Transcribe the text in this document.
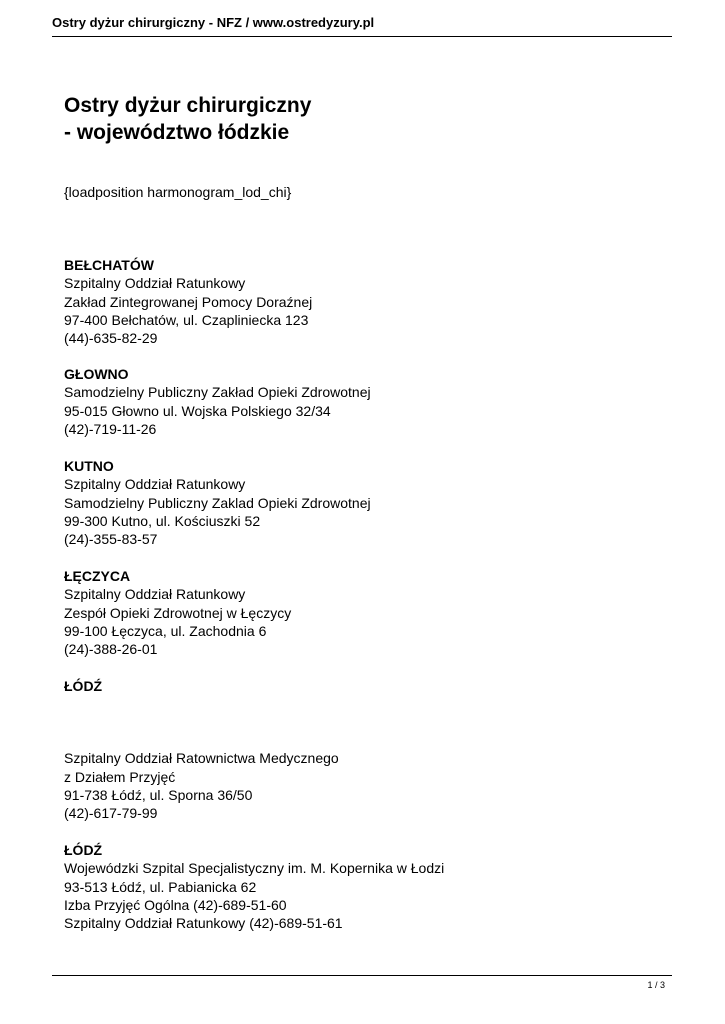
Ostry dyżur chirurgiczny - NFZ / www.ostredyzury.pl
Ostry dyżur chirurgiczny
- województwo łódzkie
{loadposition harmonogram_lod_chi}
BEŁCHATÓW
Szpitalny Oddział Ratunkowy
Zakład Zintegrowanej Pomocy Doraźnej
97-400 Bełchatów, ul. Czapliniecka 123
(44)-635-82-29
GŁOWNO
Samodzielny Publiczny Zakład Opieki Zdrowotnej
95-015 Głowno ul. Wojska Polskiego 32/34
(42)-719-11-26
KUTNO
Szpitalny Oddział Ratunkowy
Samodzielny Publiczny Zaklad Opieki Zdrowotnej
99-300 Kutno, ul. Kościuszki 52
(24)-355-83-57
ŁĘCZYCA
Szpitalny Oddział Ratunkowy
Zespół Opieki Zdrowotnej w Łęczycy
99-100 Łęczyca, ul. Zachodnia 6
(24)-388-26-01
ŁÓDŹ
Szpitalny Oddział Ratownictwa Medycznego
z Działem Przyjęć
91-738 Łódź, ul. Sporna 36/50
(42)-617-79-99
ŁÓDŹ
Wojewódzki Szpital Specjalistyczny im. M. Kopernika w Łodzi
93-513 Łódź, ul. Pabianicka 62
Izba Przyjęć Ogólna (42)-689-51-60
Szpitalny Oddział Ratunkowy (42)-689-51-61
1 / 3
